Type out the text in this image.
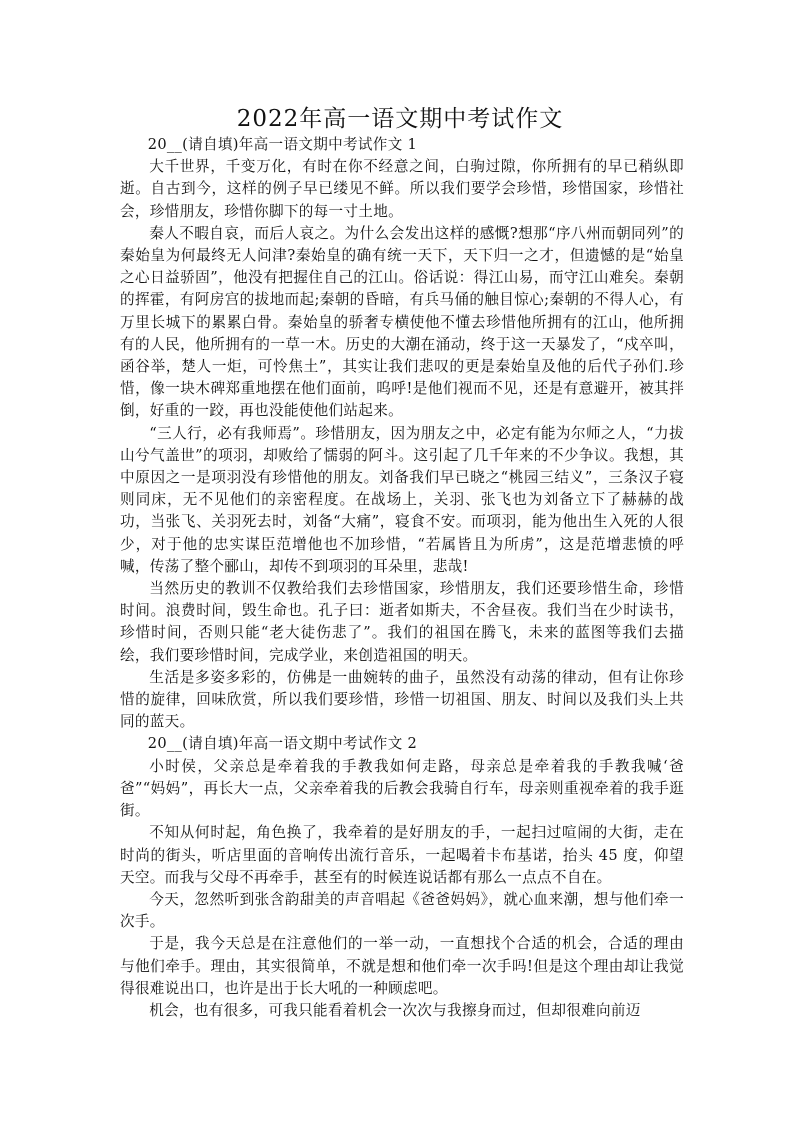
2022年高一语文期中考试作文

20__(请自填)年高一语文期中考试作文 1

大千世界，千变万化，有时在你不经意之间，白驹过隙，你所拥有的早已稍纵即逝。自古到今，这样的例子早已缕见不鲜。所以我们要学会珍惜，珍惜国家，珍惜社会，珍惜朋友，珍惜你脚下的每一寸土地。

秦人不暇自哀，而后人哀之。为什么会发出这样的感慨?想那“序八州而朝同列”的秦始皇为何最终无人问津?秦始皇的确有统一天下，天下归一之才，但遗憾的是“始皇之心日益骄固”，他没有把握住自己的江山。俗话说：得江山易，而守江山难矣。秦朝的挥霍，有阿房宫的拔地而起;秦朝的昏暗，有兵马俑的触目惊心;秦朝的不得人心，有万里长城下的累累白骨。秦始皇的骄奢专横使他不懂去珍惜他所拥有的江山，他所拥有的人民，他所拥有的一草一木。历史的大潮在涌动，终于这一天暴发了，“戍卒叫，函谷举，楚人一炬，可怜焦土”，其实让我们悲叹的更是秦始皇及他的后代子孙们.珍惜，像一块木碑郑重地摆在他们面前，呜呼!是他们视而不见，还是有意避开，被其拌倒，好重的一跤，再也没能使他们站起来。

“三人行，必有我师焉”。珍惜朋友，因为朋友之中，必定有能为尔师之人，“力拔山兮气盖世”的项羽，却败给了懦弱的阿斗。这引起了几千年来的不少争议。我想，其中原因之一是项羽没有珍惜他的朋友。刘备我们早已晓之“桃园三结义”，三条汉子寝则同床，无不见他们的亲密程度。在战场上，关羽、张飞也为刘备立下了赫赫的战功，当张飞、关羽死去时，刘备“大痛”，寝食不安。而项羽，能为他出生入死的人很少，对于他的忠实谋臣范增他也不加珍惜，“若属皆且为所虏”，这是范增悲愤的呼喊，传荡了整个郦山，却传不到项羽的耳朵里，悲哉!

当然历史的教训不仅教给我们去珍惜国家，珍惜朋友，我们还要珍惜生命，珍惜时间。浪费时间，毁生命也。孔子曰：逝者如斯夫，不舍昼夜。我们当在少时读书，珍惜时间，否则只能“老大徒伤悲了”。我们的祖国在腾飞，未来的蓝图等我们去描绘，我们要珍惜时间，完成学业，来创造祖国的明天。

生活是多姿多彩的，仿佛是一曲婉转的曲子，虽然没有动荡的律动，但有让你珍惜的旋律，回味欣赏，所以我们要珍惜，珍惜一切祖国、朋友、时间以及我们头上共同的蓝天。

20__(请自填)年高一语文期中考试作文 2

小时侯，父亲总是牵着我的手教我如何走路，母亲总是牵着我的手教我喊‘爸爸”“妈妈”，再长大一点，父亲牵着我的后教会我骑自行车，母亲则重视牵着的我手逛街。

不知从何时起，角色换了，我牵着的是好朋友的手，一起扫过喧闹的大街，走在时尚的街头，听店里面的音响传出流行音乐，一起喝着卡布基诺，抬头 45 度，仰望天空。而我与父母不再牵手，甚至有的时候连说话都有那么一点点不自在。

今天，忽然听到张含韵甜美的声音唱起《爸爸妈妈》，就心血来潮，想与他们牵一次手。

于是，我今天总是在注意他们的一举一动，一直想找个合适的机会，合适的理由与他们牵手。理由，其实很简单，不就是想和他们牵一次手吗!但是这个理由却让我觉得很难说出口，也许是出于长大吼的一种顾虑吧。

机会，也有很多，可我只能看着机会一次次与我擦身而过，但却很难向前迈
